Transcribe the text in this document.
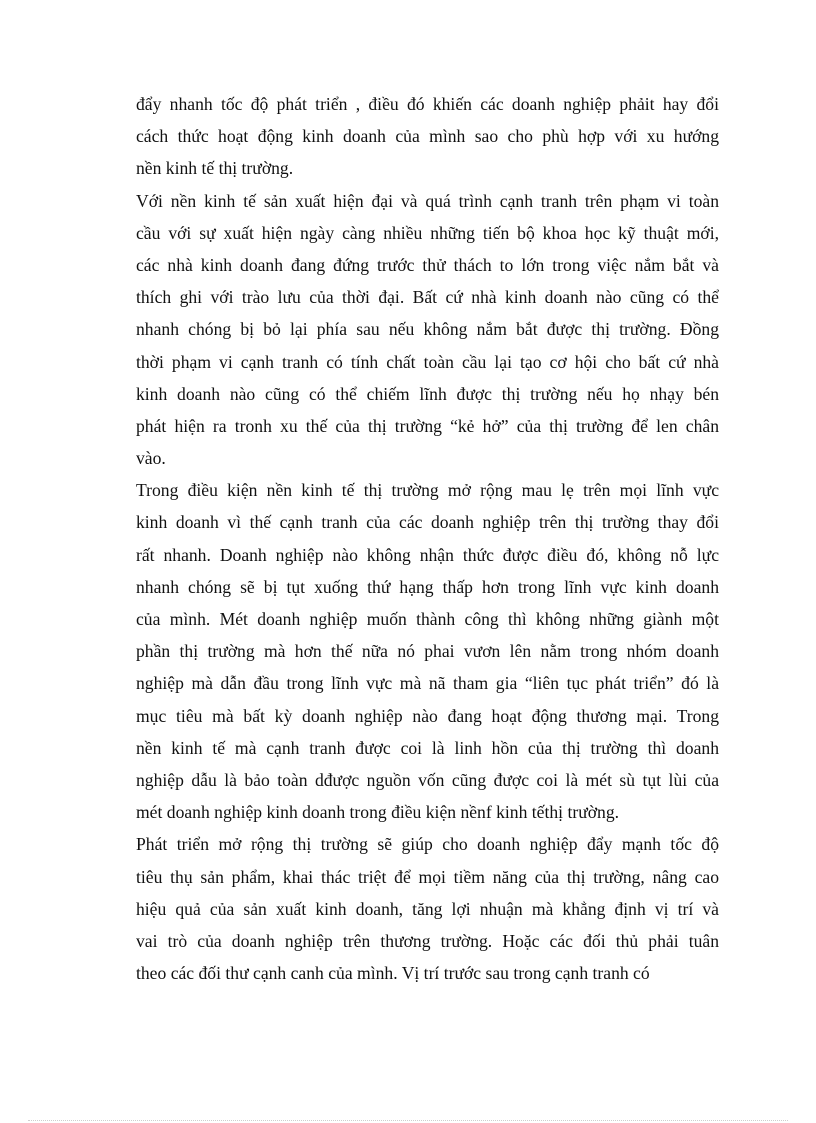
đẩy nhanh tốc độ phát triển , điều đó khiến các doanh nghiệp phảit hay đổi
cách thức hoạt động kinh doanh của mình sao cho phù hợp với xu hướng
nền kinh tế thị trường.
Với nền kinh tế sản xuất hiện đại và quá trình cạnh tranh trên phạm vi toàn
cầu với sự xuất hiện ngày càng nhiều những tiến bộ khoa học kỹ thuật mới,
các nhà kinh doanh đang đứng trước thử thách to lớn trong việc nắm bắt và
thích ghi với trào lưu của thời đại. Bất cứ nhà kinh doanh nào cũng có thể
nhanh chóng bị bỏ lại phía sau nếu không nắm bắt được thị trường. Đồng
thời phạm vi cạnh tranh có tính chất toàn cầu lại tạo cơ hội cho bất cứ nhà
kinh doanh nào cũng có thể chiếm lĩnh được thị trường nếu họ nhạy bén
phát hiện ra tronh xu thế của thị trường “kẻ hở” của thị trường để len chân
vào.
Trong điều kiện nền kinh tế thị trường mở rộng mau lẹ trên mọi lĩnh vực
kinh doanh vì thế cạnh tranh của các doanh nghiệp trên thị trường thay đổi
rất nhanh. Doanh nghiệp nào không nhận thức được điều đó, không nỗ lực
nhanh chóng sẽ bị tụt xuống thứ hạng thấp hơn trong lĩnh vực kinh doanh
của mình. Mét doanh nghiệp muốn thành công thì không những giành một
phần thị trường mà hơn thế nữa nó phai vươn lên nằm trong nhóm doanh
nghiệp mà dẫn đầu trong lĩnh vực mà nã tham gia “liên tục phát triển” đó là
mục tiêu mà bất kỳ doanh nghiệp nào đang hoạt động thương mại. Trong
nền kinh tế mà cạnh tranh được coi là linh hồn của thị trường thì doanh
nghiệp dẫu là bảo toàn dđược nguồn vốn cũng được coi là mét sù tụt lùi của
mét doanh nghiệp kinh doanh trong điều kiện nềnf kinh tếthị trường.
Phát triển mở rộng thị trường sẽ giúp cho doanh nghiệp đẩy mạnh tốc độ
tiêu thụ sản phẩm, khai thác triệt để mọi tiềm năng của thị trường, nâng cao
hiệu quả của sản xuất kinh doanh, tăng lợi nhuận mà khẳng định vị trí và
vai trò của doanh nghiệp trên thương trường. Hoặc các đối thủ phải tuân
theo các đối thư cạnh canh của mình. Vị trí trước sau trong cạnh tranh có
